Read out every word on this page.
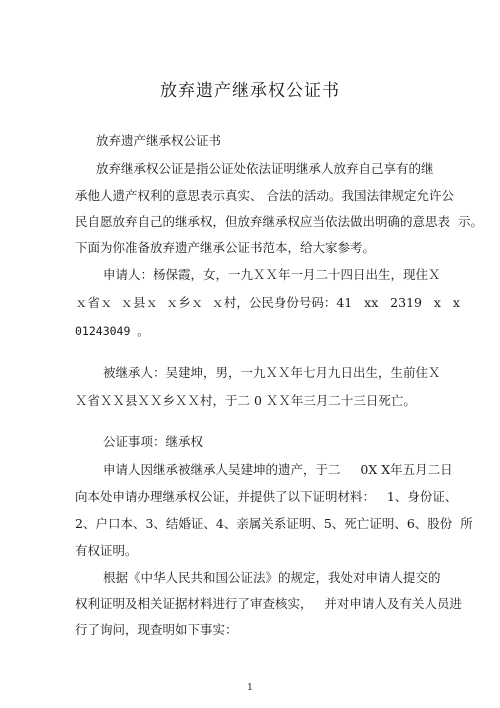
放弃遗产继承权公证书
放弃遗产继承权公证书
放弃继承权公证是指公证处依法证明继承人放弃自己享有的继
承他人遗产权利的意思表示真实、 合法的活动。我国法律规定允许公
民自愿放弃自己的继承权，但放弃继承权应当依法做出明确的意思表  示。
下面为你准备放弃遗产继承公证书范本，给大家参考。
申请人：杨保霞，女，一九ＸＸ年一月二十四日出生，现住Ｘ
ｘ省ｘ  ｘ县ｘ  ｘ乡ｘ  ｘ村，公民身份号码：41   xx   2319   x   x
01243049 。
被继承人：吴建坤，男，一九ＸＸ年七月九日出生，生前住Ｘ
Ｘ省ＸＸ县ＸＸ乡ＸＸ村，于二 0 ＸＸ年三月二十三日死亡。
公证事项：继承权
申请人因继承被继承人吴建坤的遗产，于二     0X X年五月二日
向本处申请办理继承权公证，并提供了以下证明材料：   1、身份证、
2、户口本、3、结婚证、4、亲属关系证明、5、死亡证明、6、股份  所
有权证明。
根据《中华人民共和国公证法》的规定，我处对申请人提交的
权利证明及相关证据材料进行了审查核实，   并对申请人及有关人员进
行了询问，现查明如下事实：
1
